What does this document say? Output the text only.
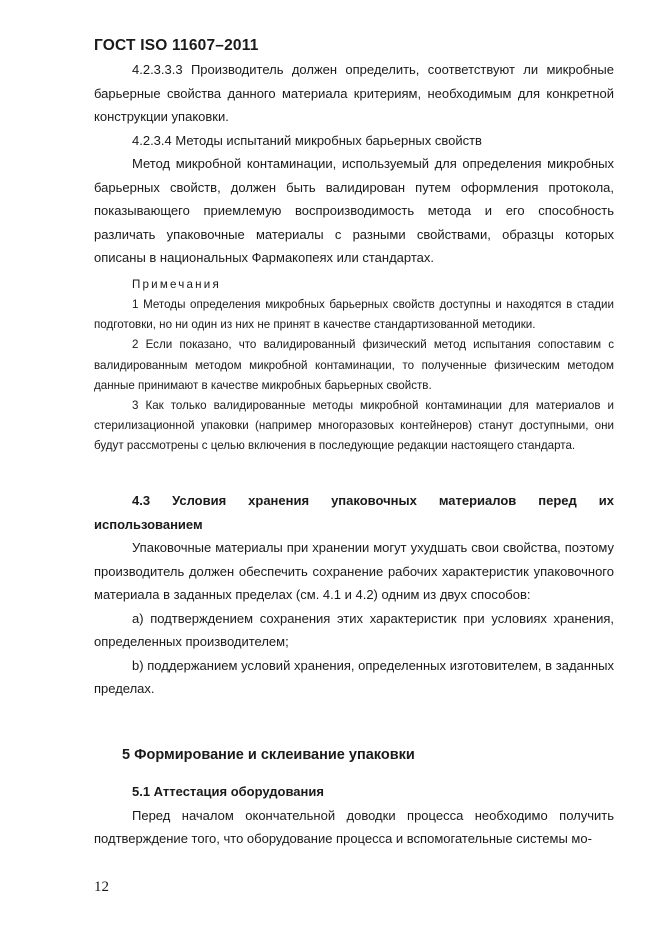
ГОСТ ISO 11607–2011

4.2.3.3.3 Производитель должен определить, соответствуют ли микробные барьерные свойства данного материала критериям, необходимым для конкретной конструкции упаковки.

4.2.3.4 Методы испытаний микробных барьерных свойств

Метод микробной контаминации, используемый для определения микробных барьерных свойств, должен быть валидирован путем оформления протокола, показывающего приемлемую воспроизводимость метода и его способность различать упаковочные материалы с разными свойствами, образцы которых описаны в национальных Фармакопеях или стандартах.

Примечания

1 Методы определения микробных барьерных свойств доступны и находятся в стадии подготовки, но ни один из них не принят в качестве стандартизованной методики.

2 Если показано, что валидированный физический метод испытания сопоставим с валидированным методом микробной контаминации, то полученные физическим методом данные принимают в качестве микробных барьерных свойств.

3 Как только валидированные методы микробной контаминации для материалов и стерилизационной упаковки (например многоразовых контейнеров) станут доступными, они будут рассмотрены с целью включения в последующие редакции настоящего стандарта.

4.3 Условия хранения упаковочных материалов перед их использованием

Упаковочные материалы при хранении могут ухудшать свои свойства, поэтому производитель должен обеспечить сохранение рабочих характеристик упаковочного материала в заданных пределах (см. 4.1 и 4.2) одним из двух способов:

a) подтверждением сохранения этих характеристик при условиях хранения, определенных производителем;

b) поддержанием условий хранения, определенных изготовителем, в заданных пределах.

5 Формирование и склеивание упаковки

5.1 Аттестация оборудования

Перед началом окончательной доводки процесса необходимо получить подтверждение того, что оборудование процесса и вспомогательные системы мо-

12
